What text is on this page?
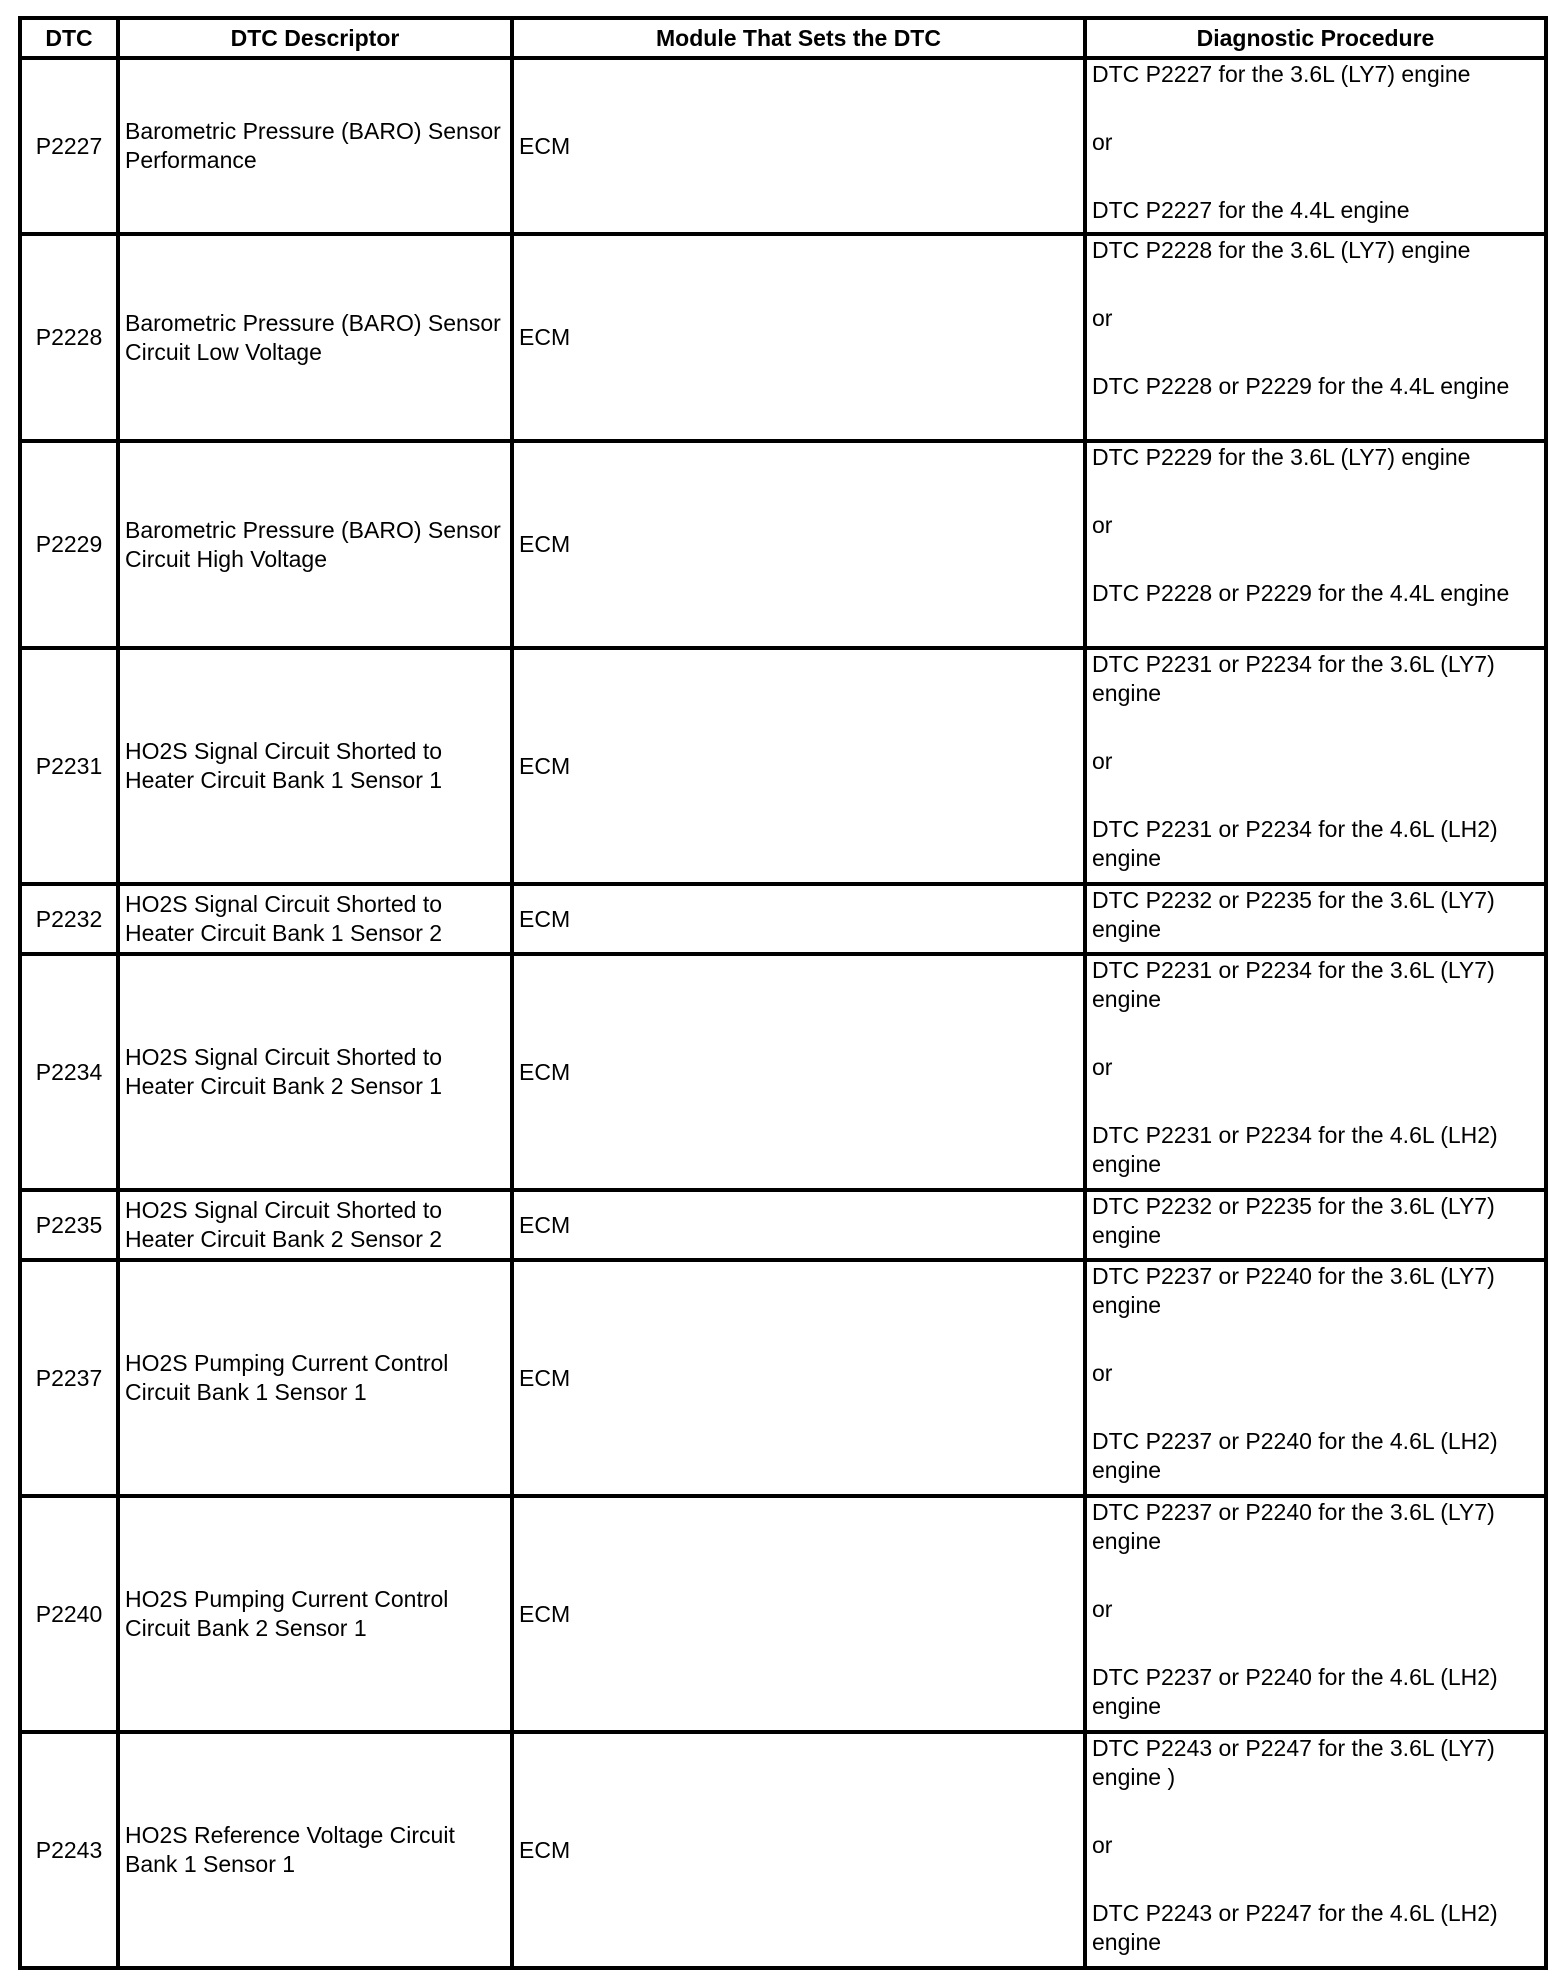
DTC	DTC Descriptor	Module That Sets the DTC	Diagnostic Procedure
P2227	Barometric Pressure (BARO) Sensor Performance	ECM	DTC P2227 for the 3.6L (LY7) engine
or
DTC P2227 for the 4.4L engine

P2228	Barometric Pressure (BARO) Sensor Circuit Low Voltage	ECM	DTC P2228 for the 3.6L (LY7) engine
or
DTC P2228 or P2229 for the 4.4L engine

P2229	Barometric Pressure (BARO) Sensor Circuit High Voltage	ECM	DTC P2229 for the 3.6L (LY7) engine
or
DTC P2228 or P2229 for the 4.4L engine

P2231	HO2S Signal Circuit Shorted to Heater Circuit Bank 1 Sensor 1	ECM	DTC P2231 or P2234 for the 3.6L (LY7) engine
or
DTC P2231 or P2234 for the 4.6L (LH2) engine

P2232	HO2S Signal Circuit Shorted to Heater Circuit Bank 1 Sensor 2	ECM	DTC P2232 or P2235 for the 3.6L (LY7) engine

P2234	HO2S Signal Circuit Shorted to Heater Circuit Bank 2 Sensor 1	ECM	DTC P2231 or P2234 for the 3.6L (LY7) engine
or
DTC P2231 or P2234 for the 4.6L (LH2) engine

P2235	HO2S Signal Circuit Shorted to Heater Circuit Bank 2 Sensor 2	ECM	DTC P2232 or P2235 for the 3.6L (LY7) engine

P2237	HO2S Pumping Current Control Circuit Bank 1 Sensor 1	ECM	DTC P2237 or P2240 for the 3.6L (LY7) engine
or
DTC P2237 or P2240 for the 4.6L (LH2) engine

P2240	HO2S Pumping Current Control Circuit Bank 2 Sensor 1	ECM	DTC P2237 or P2240 for the 3.6L (LY7) engine
or
DTC P2237 or P2240 for the 4.6L (LH2) engine

P2243	HO2S Reference Voltage Circuit Bank 1 Sensor 1	ECM	DTC P2243 or P2247 for the 3.6L (LY7) engine )
or
DTC P2243 or P2247 for the 4.6L (LH2) engine
